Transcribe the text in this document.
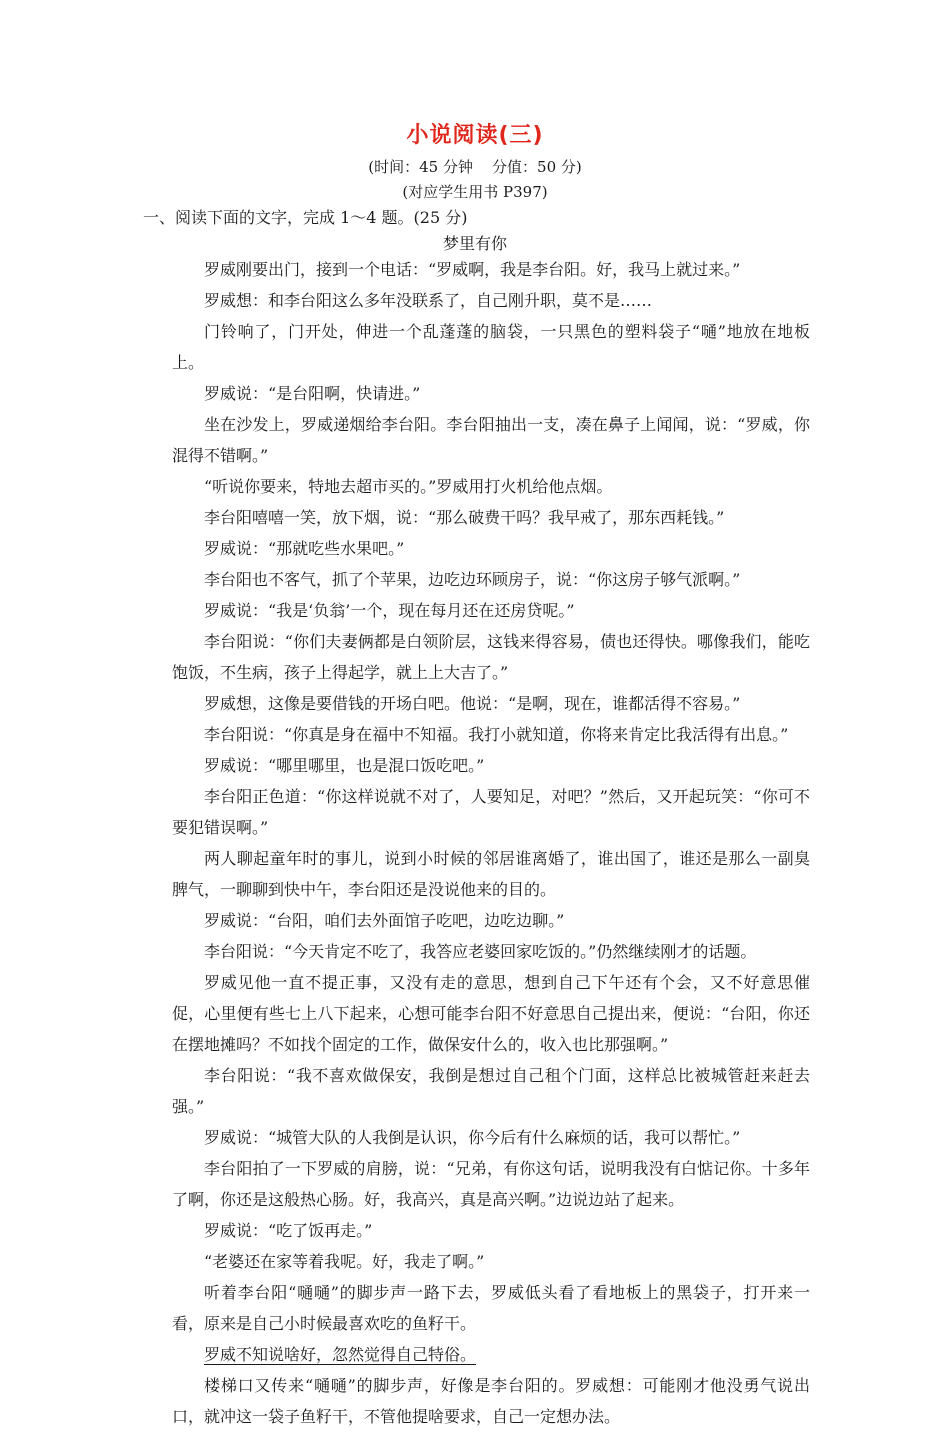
小说阅读(三)
(时间：45 分钟    分值：50 分)
(对应学生用书 P397)
一、阅读下面的文字，完成 1～4 题。(25 分)
梦里有你

罗威刚要出门，接到一个电话：“罗威啊，我是李台阳。好，我马上就过来。”

罗威想：和李台阳这么多年没联系了，自己刚升职，莫不是……

门铃响了，门开处，伸进一个乱蓬蓬的脑袋，一只黑色的塑料袋子“嗵”地放在地板上。

罗威说：“是台阳啊，快请进。”

坐在沙发上，罗威递烟给李台阳。李台阳抽出一支，凑在鼻子上闻闻，说：“罗威，你混得不错啊。”

“听说你要来，特地去超市买的。”罗威用打火机给他点烟。

李台阳嘻嘻一笑，放下烟，说：“那么破费干吗？我早戒了，那东西耗钱。”

罗威说：“那就吃些水果吧。”

李台阳也不客气，抓了个苹果，边吃边环顾房子，说：“你这房子够气派啊。”

罗威说：“我是‘负翁’一个，现在每月还在还房贷呢。”

李台阳说：“你们夫妻俩都是白领阶层，这钱来得容易，债也还得快。哪像我们，能吃饱饭，不生病，孩子上得起学，就上上大吉了。”

罗威想，这像是要借钱的开场白吧。他说：“是啊，现在，谁都活得不容易。”

李台阳说：“你真是身在福中不知福。我打小就知道，你将来肯定比我活得有出息。”

罗威说：“哪里哪里，也是混口饭吃吧。”

李台阳正色道：“你这样说就不对了，人要知足，对吧？”然后，又开起玩笑：“你可不要犯错误啊。”

两人聊起童年时的事儿，说到小时候的邻居谁离婚了，谁出国了，谁还是那么一副臭脾气，一聊聊到快中午，李台阳还是没说他来的目的。

罗威说：“台阳，咱们去外面馆子吃吧，边吃边聊。”

李台阳说：“今天肯定不吃了，我答应老婆回家吃饭的。”仍然继续刚才的话题。

罗威见他一直不提正事，又没有走的意思，想到自己下午还有个会，又不好意思催促，心里便有些七上八下起来，心想可能李台阳不好意思自己提出来，便说：“台阳，你还在摆地摊吗？不如找个固定的工作，做保安什么的，收入也比那强啊。”

李台阳说：“我不喜欢做保安，我倒是想过自己租个门面，这样总比被城管赶来赶去强。”

罗威说：“城管大队的人我倒是认识，你今后有什么麻烦的话，我可以帮忙。”

李台阳拍了一下罗威的肩膀，说：“兄弟，有你这句话，说明我没有白惦记你。十多年了啊，你还是这般热心肠。好，我高兴，真是高兴啊。”边说边站了起来。

罗威说：“吃了饭再走。”

“老婆还在家等着我呢。好，我走了啊。”

听着李台阳“嗵嗵”的脚步声一路下去，罗威低头看了看地板上的黑袋子，打开来一看，原来是自己小时候最喜欢吃的鱼籽干。

罗威不知说啥好，忽然觉得自己特俗。

楼梯口又传来“嗵嗵”的脚步声，好像是李台阳的。罗威想：可能刚才他没勇气说出口，就冲这一袋子鱼籽干，不管他提啥要求，自己一定想办法。
